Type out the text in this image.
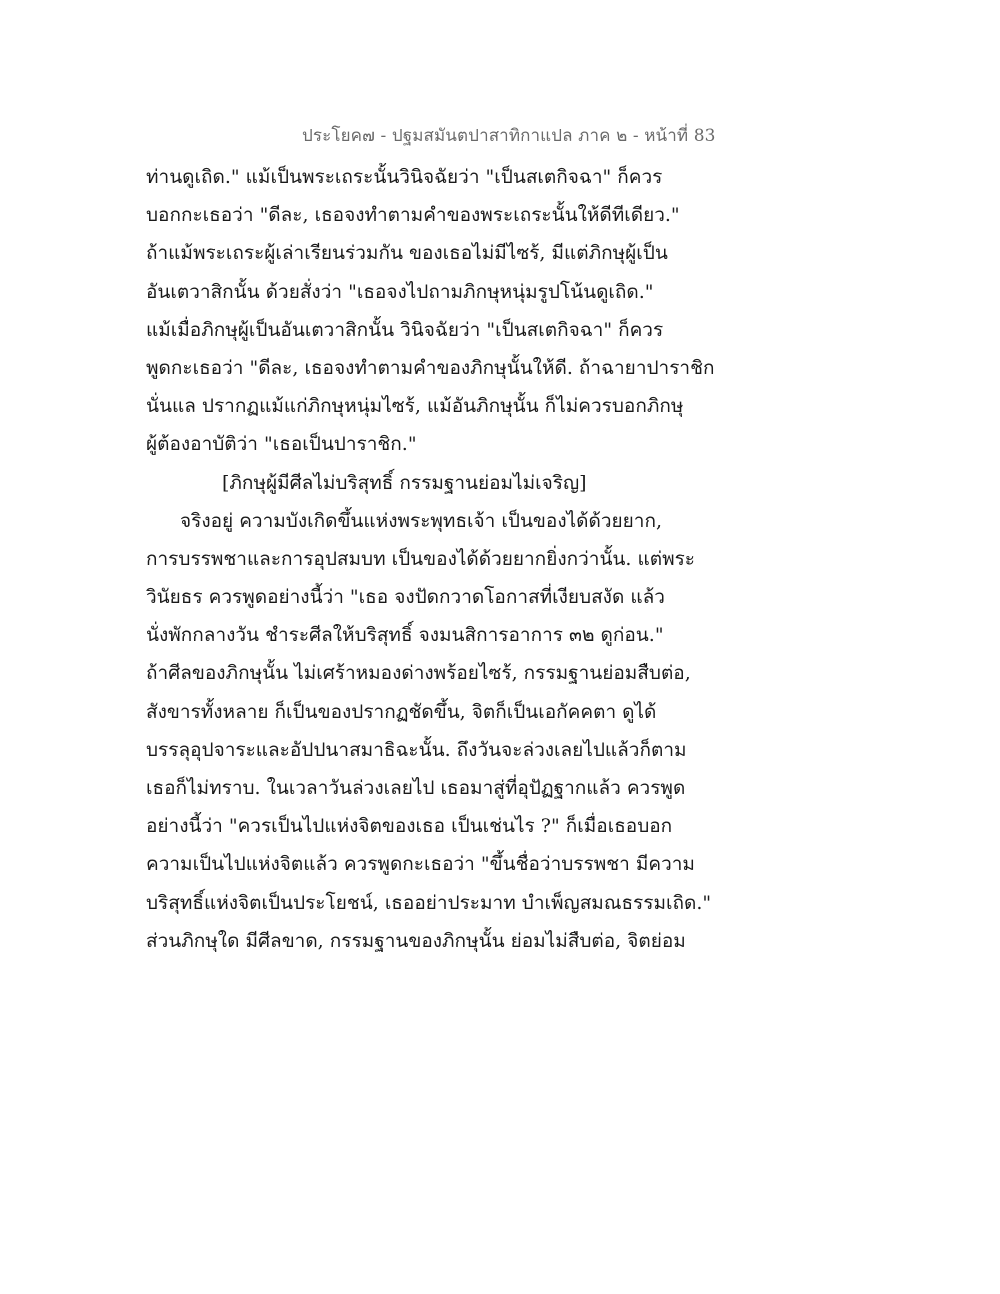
ประโยค๗ - ปฐมสมันตปาสาทิกาแปล ภาค ๒ - หน้าที่ 83
ท่านดูเถิด." แม้เป็นพระเถระนั้นวินิจฉัยว่า "เป็นสเตกิจฉา" ก็ควร
บอกกะเธอว่า "ดีละ, เธอจงทำตามคำของพระเถระนั้นให้ดีทีเดียว."
ถ้าแม้พระเถระผู้เล่าเรียนร่วมกัน ของเธอไม่มีไซร้, มีแต่ภิกษุผู้เป็น
อันเตวาสิกนั้น ด้วยสั่งว่า "เธอจงไปถามภิกษุหนุ่มรูปโน้นดูเถิด."
แม้เมื่อภิกษุผู้เป็นอันเตวาสิกนั้น วินิจฉัยว่า "เป็นสเตกิจฉา" ก็ควร
พูดกะเธอว่า "ดีละ, เธอจงทำตามคำของภิกษุนั้นให้ดี. ถ้าฉายาปาราชิก
นั่นแล ปรากฏแม้แก่ภิกษุหนุ่มไซร้, แม้อันภิกษุนั้น ก็ไม่ควรบอกภิกษุ
ผู้ต้องอาบัติว่า "เธอเป็นปาราชิก."
[ภิกษุผู้มีศีลไม่บริสุทธิ์ กรรมฐานย่อมไม่เจริญ]
จริงอยู่ ความบังเกิดขึ้นแห่งพระพุทธเจ้า เป็นของได้ด้วยยาก,
การบรรพชาและการอุปสมบท เป็นของได้ด้วยยากยิ่งกว่านั้น. แต่พระ
วินัยธร ควรพูดอย่างนี้ว่า "เธอ จงปัดกวาดโอกาสที่เงียบสงัด แล้ว
นั่งพักกลางวัน ชำระศีลให้บริสุทธิ์ จงมนสิการอาการ ๓๒ ดูก่อน."
ถ้าศีลของภิกษุนั้น ไม่เศร้าหมองด่างพร้อยไซร้, กรรมฐานย่อมสืบต่อ,
สังขารทั้งหลาย ก็เป็นของปรากฏชัดขึ้น, จิตก็เป็นเอกัคคตา ดูได้
บรรลุอุปจาระและอัปปนาสมาธิฉะนั้น. ถึงวันจะล่วงเลยไปแล้วก็ตาม
เธอก็ไม่ทราบ. ในเวลาวันล่วงเลยไป เธอมาสู่ที่อุปัฏฐากแล้ว ควรพูด
อย่างนี้ว่า "ควรเป็นไปแห่งจิตของเธอ เป็นเช่นไร ?" ก็เมื่อเธอบอก
ความเป็นไปแห่งจิตแล้ว ควรพูดกะเธอว่า "ขึ้นชื่อว่าบรรพชา มีความ
บริสุทธิ์แห่งจิตเป็นประโยชน์, เธออย่าประมาท บำเพ็ญสมณธรรมเถิด."
ส่วนภิกษุใด มีศีลขาด, กรรมฐานของภิกษุนั้น ย่อมไม่สืบต่อ, จิตย่อม
